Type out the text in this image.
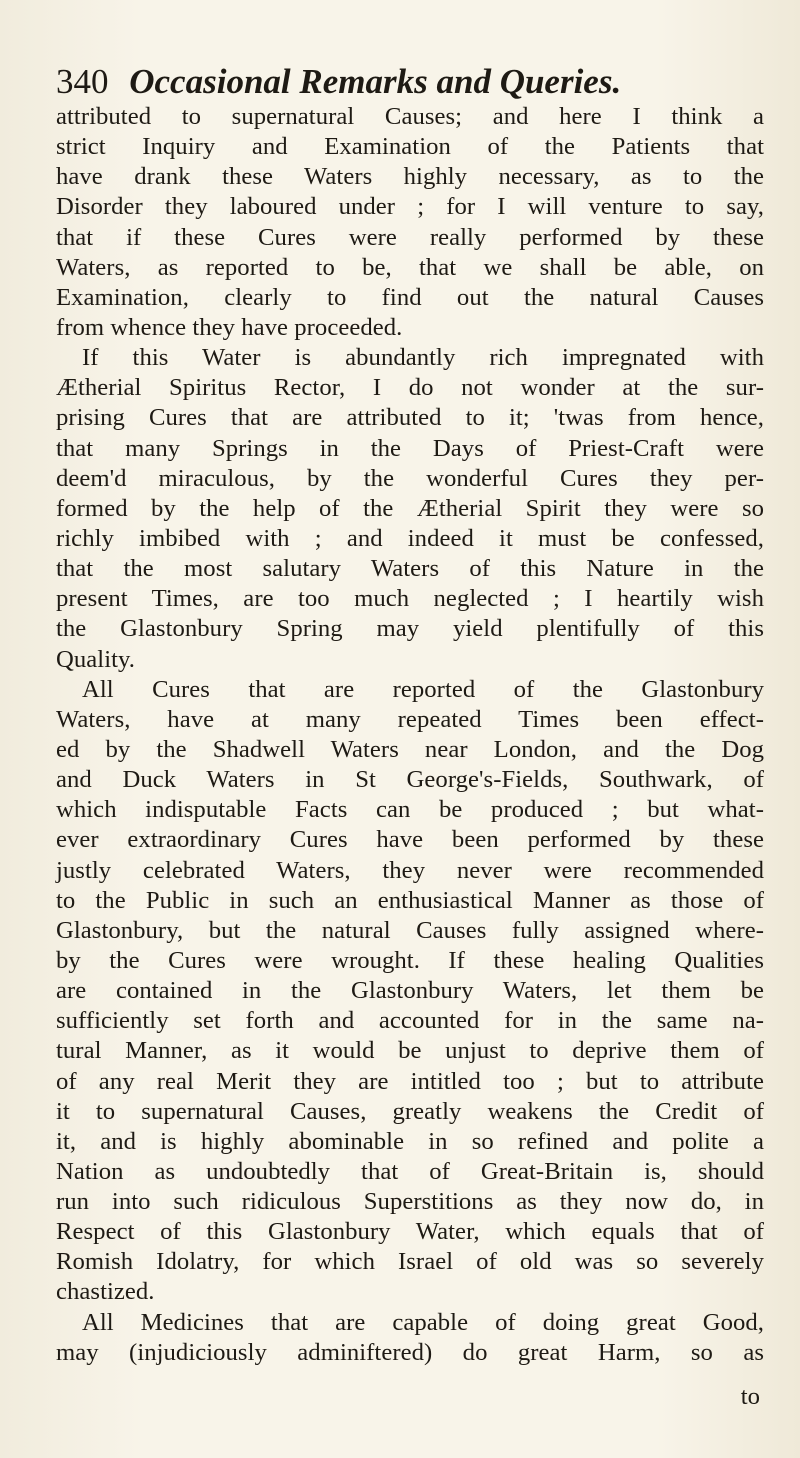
340 Occasional Remarks and Queries.
attributed to supernatural Causes; and here I think a
strict Inquiry and Examination of the Patients that
have drank these Waters highly necessary, as to the
Disorder they laboured under ; for I will venture to say,
that if these Cures were really performed by these
Waters, as reported to be, that we shall be able, on
Examination, clearly to find out the natural Causes
from whence they have proceeded.
If this Water is abundantly rich impregnated with
Ætherial Spiritus Rector, I do not wonder at the sur-
prising Cures that are attributed to it; 'twas from hence,
that many Springs in the Days of Priest-Craft were
deem'd miraculous, by the wonderful Cures they per-
formed by the help of the Ætherial Spirit they were so
richly imbibed with ; and indeed it must be confessed,
that the most salutary Waters of this Nature in the
present Times, are too much neglected ; I heartily wish
the Glastonbury Spring may yield plentifully of this
Quality.
All Cures that are reported of the Glastonbury
Waters, have at many repeated Times been effect-
ed by the Shadwell Waters near London, and the Dog
and Duck Waters in St George's-Fields, Southwark, of
which indisputable Facts can be produced ; but what-
ever extraordinary Cures have been performed by these
justly celebrated Waters, they never were recommended
to the Public in such an enthusiastical Manner as those of
Glastonbury, but the natural Causes fully assigned where-
by the Cures were wrought. If these healing Qualities
are contained in the Glastonbury Waters, let them be
sufficiently set forth and accounted for in the same na-
tural Manner, as it would be unjust to deprive them of
of any real Merit they are intitled too ; but to attribute
it to supernatural Causes, greatly weakens the Credit of
it, and is highly abominable in so refined and polite a
Nation as undoubtedly that of Great-Britain is, should
run into such ridiculous Superstitions as they now do, in
Respect of this Glastonbury Water, which equals that of
Romish Idolatry, for which Israel of old was so severely
chastized.
All Medicines that are capable of doing great Good,
may (injudiciously adminiftered) do great Harm, so as
to
